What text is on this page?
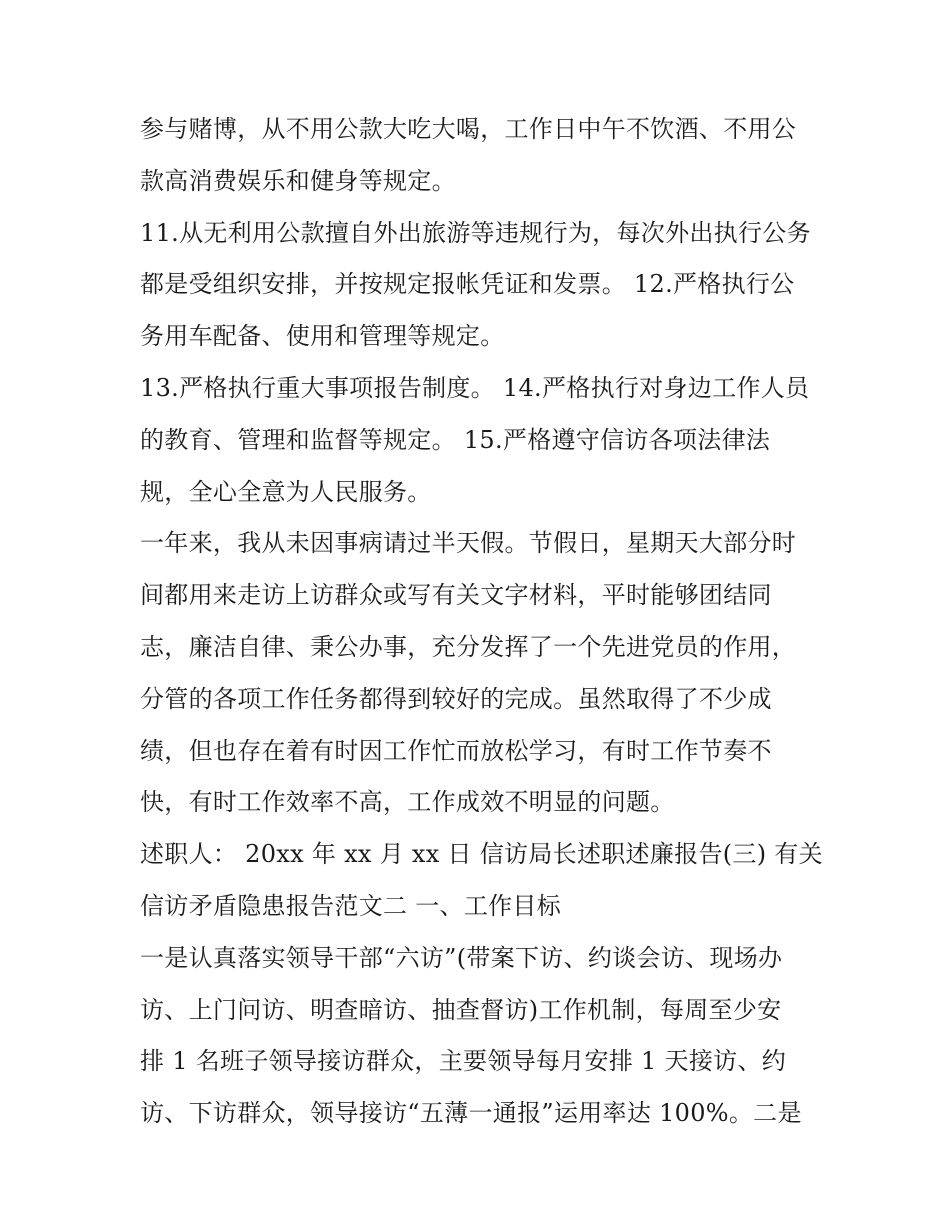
参与赌博，从不用公款大吃大喝，工作日中午不饮酒、不用公
款高消费娱乐和健身等规定。
11.从无利用公款擅自外出旅游等违规行为，每次外出执行公务
都是受组织安排，并按规定报帐凭证和发票。 12.严格执行公
务用车配备、使用和管理等规定。
13.严格执行重大事项报告制度。 14.严格执行对身边工作人员
的教育、管理和监督等规定。 15.严格遵守信访各项法律法
规，全心全意为人民服务。
一年来，我从未因事病请过半天假。节假日，星期天大部分时
间都用来走访上访群众或写有关文字材料，平时能够团结同
志，廉洁自律、秉公办事，充分发挥了一个先进党员的作用，
分管的各项工作任务都得到较好的完成。虽然取得了不少成
绩，但也存在着有时因工作忙而放松学习，有时工作节奏不
快，有时工作效率不高，工作成效不明显的问题。
述职人： 20xx 年 xx 月 xx 日 信访局长述职述廉报告(三) 有关
信访矛盾隐患报告范文二 一、工作目标
一是认真落实领导干部“六访”(带案下访、约谈会访、现场办
访、上门问访、明查暗访、抽查督访)工作机制，每周至少安
排 1 名班子领导接访群众，主要领导每月安排 1 天接访、约
访、下访群众，领导接访“五薄一通报”运用率达 100%。二是
